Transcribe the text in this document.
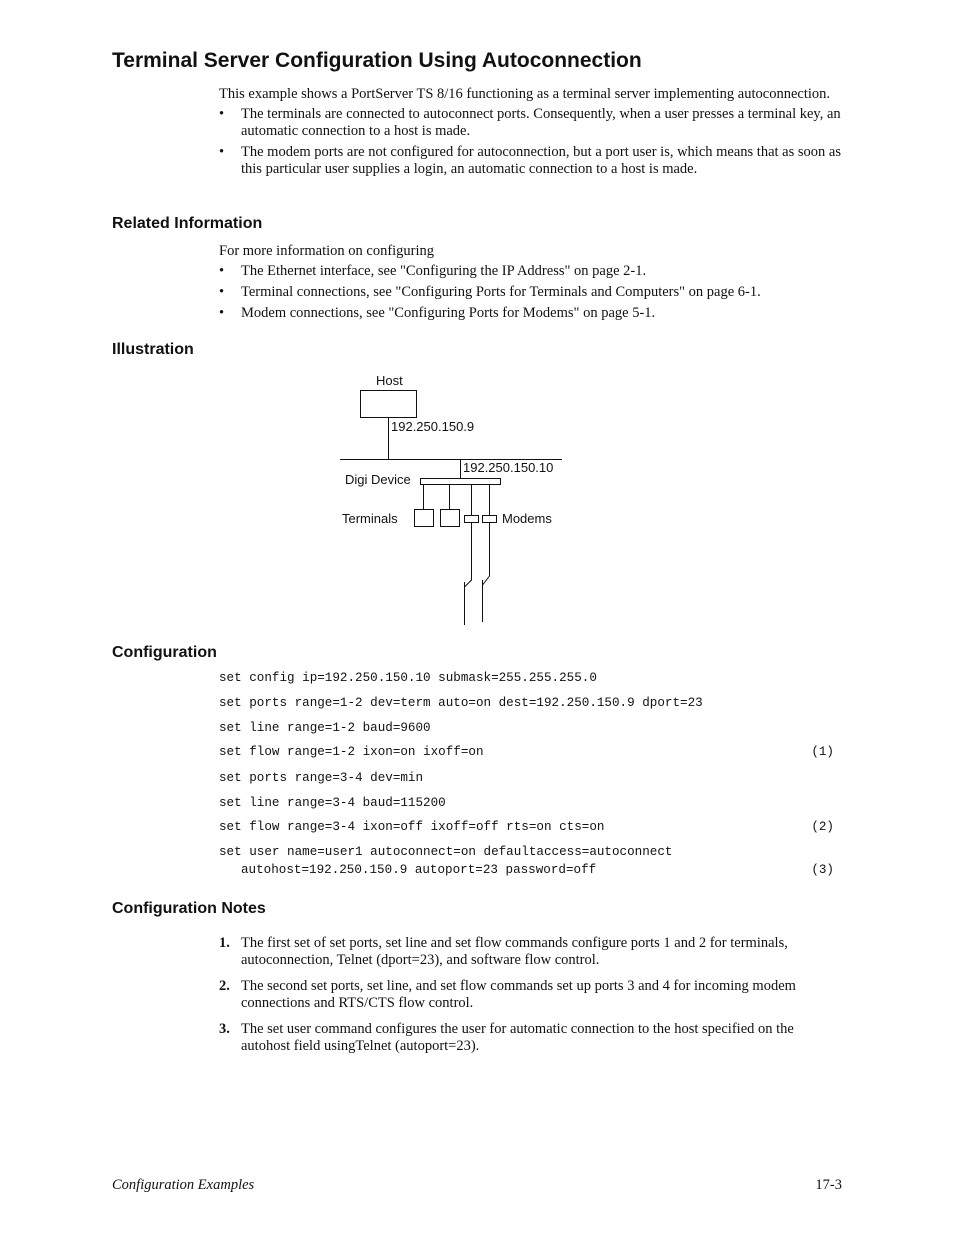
Terminal Server Configuration Using Autoconnection

This example shows a PortServer TS 8/16 functioning as a terminal server implementing autoconnection.

• The terminals are connected to autoconnect ports. Consequently, when a user presses a terminal key, an automatic connection to a host is made.

• The modem ports are not configured for autoconnection, but a port user is, which means that as soon as this particular user supplies a login, an automatic connection to a host is made.

Related Information

For more information on configuring

• The Ethernet interface, see "Configuring the IP Address" on page 2-1.

• Terminal connections, see "Configuring Ports for Terminals and Computers" on page 6-1.

• Modem connections, see "Configuring Ports for Modems" on page 5-1.

Illustration
Host
192.250.150.9
192.250.150.10
Digi Device
Terminals	Modems
Configuration
set config ip=192.250.150.10 submask=255.255.255.0
set ports range=1-2 dev=term auto=on dest=192.250.150.9 dport=23
set line range=1-2 baud=9600
set flow range=1-2 ixon=on ixoff=on	(1)
set ports range=3-4 dev=min
set line range=3-4 baud=115200
set flow range=3-4 ixon=off ixoff=off rts=on cts=on	(2)
set user name=user1 autoconnect=on defaultaccess=autoconnect
autohost=192.250.150.9 autoport=23 password=off	(3)
Configuration Notes

1. The first set of set ports, set line and set flow commands configure ports 1 and 2 for terminals, autoconnection, Telnet (dport=23), and software flow control.

2. The second set ports, set line, and set flow commands set up ports 3 and 4 for incoming modem connections and RTS/CTS flow control.

3. The set user command configures the user for automatic connection to the host specified on the autohost field usingTelnet (autoport=23).

Configuration Examples	17-3
